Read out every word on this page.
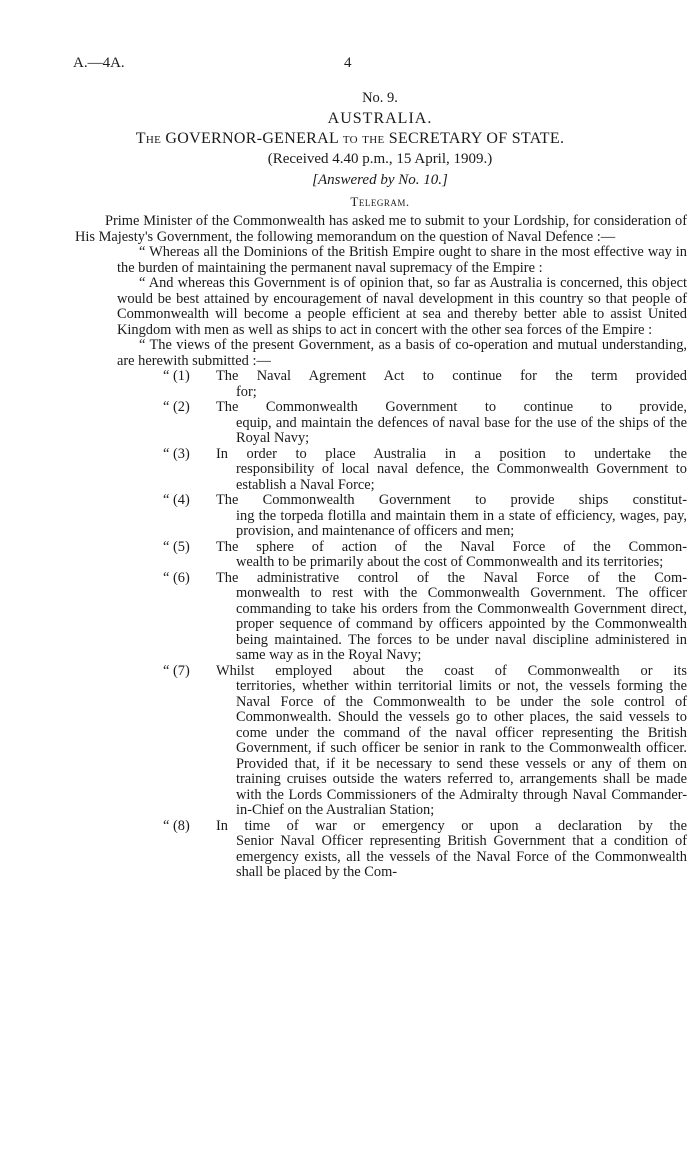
A.—4A.	4
No. 9.
AUSTRALIA.
The GOVERNOR-GENERAL to the SECRETARY OF STATE.
(Received 4.40 p.m., 15 April, 1909.)
[Answered by No. 10.]
Telegram.

Prime Minister of the Commonwealth has asked me to submit to your Lordship, for consideration of His Majesty's Government, the following memorandum on the question of Naval Defence :—

“ Whereas all the Dominions of the British Empire ought to share in the most effective way in the burden of maintaining the permanent naval supremacy of the Empire :

“ And whereas this Government is of opinion that, so far as Australia is concerned, this object would be best attained by encouragement of naval development in this country so that people of Commonwealth will become a people efficient at sea and thereby better able to assist United Kingdom with men as well as ships to act in concert with the other sea forces of the Empire :

“ The views of the present Government, as a basis of co-operation and mutual understanding, are herewith submitted :—

“ (1)	The Naval Agrement Act to continue for the term provided
for;
“ (2)	The Commonwealth Government to continue to provide,
equip, and maintain the defences of naval base for the use of the ships of the Royal Navy;
“ (3)	In order to place Australia in a position to undertake the
responsibility of local naval defence, the Commonwealth Government to establish a Naval Force;
“ (4)	The Commonwealth Government to provide ships constitut-
ing the torpeda flotilla and maintain them in a state of efficiency, wages, pay, provision, and maintenance of officers and men;
“ (5)	The sphere of action of the Naval Force of the Common-
wealth to be primarily about the cost of Commonwealth and its territories;
“ (6)	The administrative control of the Naval Force of the Com-
monwealth to rest with the Commonwealth Government. The officer commanding to take his orders from the Commonwealth Government direct, proper sequence of command by officers appointed by the Commonwealth being maintained. The forces to be under naval discipline administered in same way as in the Royal Navy;
“ (7)	Whilst employed about the coast of Commonwealth or its
territories, whether within territorial limits or not, the vessels forming the Naval Force of the Commonwealth to be under the sole control of Commonwealth. Should the vessels go to other places, the said vessels to come under the command of the naval officer representing the British Government, if such officer be senior in rank to the Commonwealth officer. Provided that, if it be necessary to send these vessels or any of them on training cruises outside the waters referred to, arrangements shall be made with the Lords Commissioners of the Admiralty through Naval Commander-in-Chief on the Australian Station;
“ (8)	In time of war or emergency or upon a declaration by the
Senior Naval Officer representing British Government that a condition of emergency exists, all the vessels of the Naval Force of the Commonwealth shall be placed by the Com-
